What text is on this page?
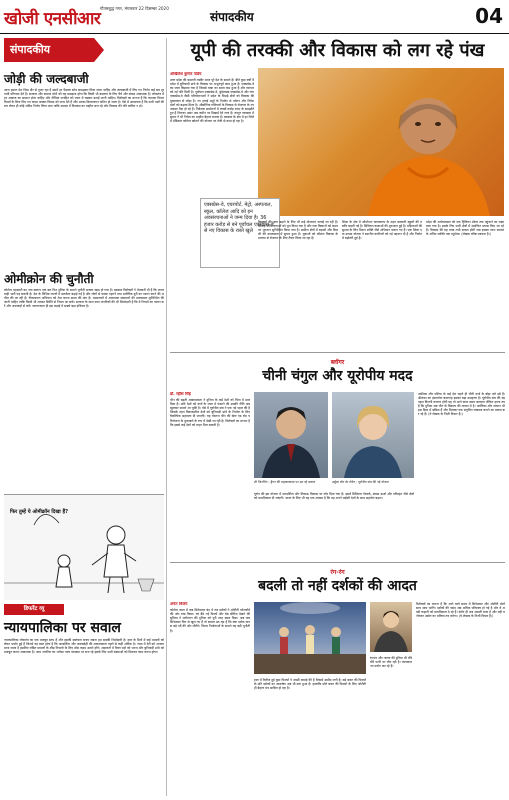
खोजी एनसीआर
गौतमबुद्ध नगर, मंगलवार 22 दिसम्बर 2020
संपादकीय	04
संपादकीय
जोड़ी की जल्दबाजी
आज हमारा देश जिस दौर से गुजर रहा है उसमें हर फैसला सोच समझकर लिया जाना चाहिए और जल्दबाजी में लिए गए निर्णय कई बार दूरगामी परिणाम देते हैं। सरकार और समाज दोनों को यह समझना होगा कि किसी भी बदलाव के लिए धैर्य और संवाद आवश्यक है। लोकतंत्र में हर आवाज का सम्मान होना चाहिए और नीतियां जनहित को ध्यान में रखकर बनाई जानी चाहिए। विशेषज्ञों का मानना है कि व्यापक विचार विमर्श के बिना लिए गए कदम अक्सर विवाद को जन्म देते हैं और उनका क्रियान्वयन कठिन हो जाता है। ऐसे में आवश्यक है कि सभी पक्षों की राय लेकर ही कोई अंतिम निर्णय लिया जाए ताकि समाज में विश्वास का माहौल बना रहे और विकास की गति बाधित न हो।
ओमीक्रोन की चुनौती
कोरोना महामारी का नया स्वरूप एक बार फिर दुनिया के सामने चुनौती बनकर खड़ा हो गया है। स्वास्थ्य विशेषज्ञों ने चेतावनी दी है कि लापरवाही भारी पड़ सकती है। देश के विभिन्न राज्यों में सतर्कता बढ़ाई गई है और लोगों से मास्क पहनने तथा शारीरिक दूरी का पालन करने की अपील की जा रही है। टीकाकरण अभियान को तेज करना समय की मांग है। अस्पतालों में आवश्यक संसाधनों की उपलब्धता सुनिश्चित की जानी चाहिए ताकि किसी भी आपात स्थिति से निपटा जा सके। सरकार के साथ साथ नागरिकों की भी जिम्मेदारी है कि वे नियमों का पालन करें और अफवाहों से बचें। जागरूकता ही इस लड़ाई में सबसे बड़ा हथियार है।
फिर तुम्हें ये ओमीक्रॉन दिखा हैं?
डिफरेंट व्यू
न्यायपालिका पर सवाल
न्यायपालिका लोकतंत्र का एक मजबूत स्तंभ है और इसकी स्वतंत्रता बनाए रखना हम सबकी जिम्मेदारी है। हाल के दिनों में कई मामलों को लेकर चर्चाएं हुई हैं जिनसे यह स्पष्ट होता है कि पारदर्शिता और जवाबदेही की आवश्यकता पहले से कहीं अधिक है। न्याय में देरी को अन्याय माना जाता है इसलिए लंबित मामलों के शीघ्र निपटारे के लिए ठोस कदम उठाने होंगे। अदालतों में रिक्त पदों को भरना और बुनियादी ढांचे को मजबूत करना आवश्यक है। आम नागरिक का भरोसा न्याय व्यवस्था पर बना रहे इसके लिए सभी संस्थाओं को मिलकर काम करना होगा।
यूपी की तरक्की और विकास को लग रहे पंख
अखिलेश कुमार पांडेय
उत्तर प्रदेश की बदलती तस्वीर आज पूरे देश के सामने है। बीते कुछ वर्षों में प्रदेश में बुनियादी ढांचे के विकास पर अभूतपूर्व काम हुआ है। एक्सप्रेस-वे का जाल बिछाया गया है जिससे यात्रा का समय कम हुआ है और व्यापार को नई गति मिली है। पूर्वांचल एक्सप्रेस-वे, बुंदेलखंड एक्सप्रेस-वे और गंगा एक्सप्रेस-वे जैसी परियोजनाओं ने प्रदेश के पिछड़े क्षेत्रों को विकास की मुख्यधारा से जोड़ा है। नए हवाई अड्डों के निर्माण से पर्यटन और निवेश दोनों को बढ़ावा मिला है। औद्योगिक गलियारों के विकास से रोजगार के नए अवसर पैदा हो रहे हैं। निवेशक सम्मेलनों में लाखों करोड़ रुपए के समझौते हुए हैं जिनका असर अब जमीन पर दिखाई देने लगा है। कानून व्यवस्था में सुधार ने भी निवेश का माहौल बेहतर बनाया है। स्वास्थ्य के क्षेत्र में हर जिले में मेडिकल कॉलेज खोलने की योजना पर तेजी से काम हो रहा है।
एक्सप्रेस-वे, एयरपोर्ट, मेट्रो, अस्पताल, स्कूल, कॉलेज आदि को इन अवसंरचनाओं ने जन्म दिया है। 36 हजार करोड़ से बने पूर्वांचल एक्सप्रेस-वे से नए विकास के रास्ते खुले
किसानों की आय बढ़ाने के लिए भी कई योजनाएं चलाई जा रही हैं। सिंचाई परियोजनाओं को पूरा किया गया है और गन्ना किसानों को समय पर भुगतान सुनिश्चित किया गया है। ग्रामीण क्षेत्रों में सड़कों और बिजली की उपलब्धता में सुधार हुआ है। युवाओं को कौशल विकास के माध्यम से रोजगार के लिए तैयार किया जा रहा है।
शिक्षा के क्षेत्र में ऑपरेशन कायाकल्प के तहत सरकारी स्कूलों की तस्वीर बदली गई है। डिजिटल कक्षाओं की शुरुआत हुई है। महिलाओं की सुरक्षा के लिए मिशन शक्ति जैसे अभियान चलाए गए हैं। एक जिला एक उत्पाद योजना ने स्थानीय कारीगरों को नई पहचान दी है और निर्यात में बढ़ोतरी हुई है।
प्रदेश की अर्थव्यवस्था को एक ट्रिलियन डॉलर तक पहुंचाने का लक्ष्य रखा गया है। इसके लिए सभी क्षेत्रों में समन्वित प्रयास किए जा रहे हैं। विकास की यह यात्रा तभी सफल होगी जब इसका लाभ समाज के अंतिम व्यक्ति तक पहुंचेगा। (लेखक वरिष्ठ पत्रकार हैं।)
ब्लॉगर
चीनी चंगुल और यूरोपीय मदद
डॉ. रहीस सिंह
चीन की बढ़ती आक्रामकता ने दुनिया के कई देशों को चिंता में डाल दिया है। छोटे देशों को कर्ज के जाल में फंसाने की उसकी नीति अब खुलकर सामने आ चुकी है। ऐसे में यूरोपीय संघ ने एक नई पहल की है जिसके तहत विकासशील देशों को बुनियादी ढांचे के निर्माण के लिए वैकल्पिक सहायता दी जाएगी। यह योजना चीन की बेल्ट एंड रोड परियोजना के मुकाबले के रूप में देखी जा रही है। विशेषज्ञों का मानना है कि इससे कई देशों को राहत मिल सकती है।
शी जिनपिंग : ड्रैगन की महत्वाकांक्षा पर उठ रहे सवाल	उर्सुला वॉन डेर लेयेन : यूरोपीय संघ की नई योजना
यूरोप की इस योजना में पारदर्शिता और टिकाऊ विकास पर जोर दिया गया है। इसमें डिजिटल नेटवर्क, स्वच्छ ऊर्जा और परिवहन जैसे क्षेत्रों को प्राथमिकता दी जाएगी। भारत के लिए भी यह एक अवसर है कि वह अपने पड़ोसी देशों के साथ सहयोग बढ़ाए।
अफ्रीका और एशिया के कई देश पहले ही चीनी कर्ज के बोझ तले दबे हैं। श्रीलंका का हंबनटोटा बंदरगाह इसका बड़ा उदाहरण है। यूरोपीय संघ की यह पहल कितनी कारगर होगी यह तो आने वाला समय बताएगा लेकिन इतना तय है कि दुनिया अब चीन के विकल्प की तलाश में है। अमेरिका और जापान भी इस दिशा में सक्रिय हैं और मिलकर एक संतुलित व्यवस्था बनाने का प्रयास कर रहे हैं। (ये लेखक के निजी विचार हैं।)
रंग-रंग
बदली तो नहीं दर्शकों की आदत
अनंत विजय
कोरोना काल में जब सिनेमाघर बंद थे तब दर्शकों ने ओटीटी प्लेटफॉर्म की ओर रुख किया। घर बैठे नई फिल्में और वेब सीरीज देखने की सुविधा ने मनोरंजन की दुनिया को पूरी तरह बदल दिया। अब जब सिनेमाघर फिर से खुल गए हैं तो सवाल उठ रहा है कि क्या दर्शक वापस बड़े पर्दे की ओर लौटेंगे। फिल्म निर्माताओं के सामने यह बड़ी चुनौती है।
हाल में रिलीज हुई कुछ फिल्मों ने अच्छी कमाई की है जिससे उम्मीद जगी है। बड़े बजट की फिल्मों के प्रति दर्शकों का आकर्षण अब भी बना हुआ है। हालांकि छोटे बजट की फिल्मों के लिए ओटीटी ही बेहतर मंच साबित हो रहा है।
रंगमंच और नाटक की दुनिया भी धीरे धीरे पटरी पर लौट रही है। कलाकार नए प्रयोग कर रहे हैं।
विशेषज्ञों का मानना है कि आने वाले समय में सिनेमाघर और ओटीटी दोनों साथ साथ चलेंगे। दर्शकों की पसंद अब अधिक परिपक्व हो गई है और वे अच्छी कहानी को प्राथमिकता दे रहे हैं। कंटेंट ही अब असली राजा है और यही मनोरंजन उद्योग का भविष्य तय करेगा। (ये लेखक के निजी विचार हैं।)
